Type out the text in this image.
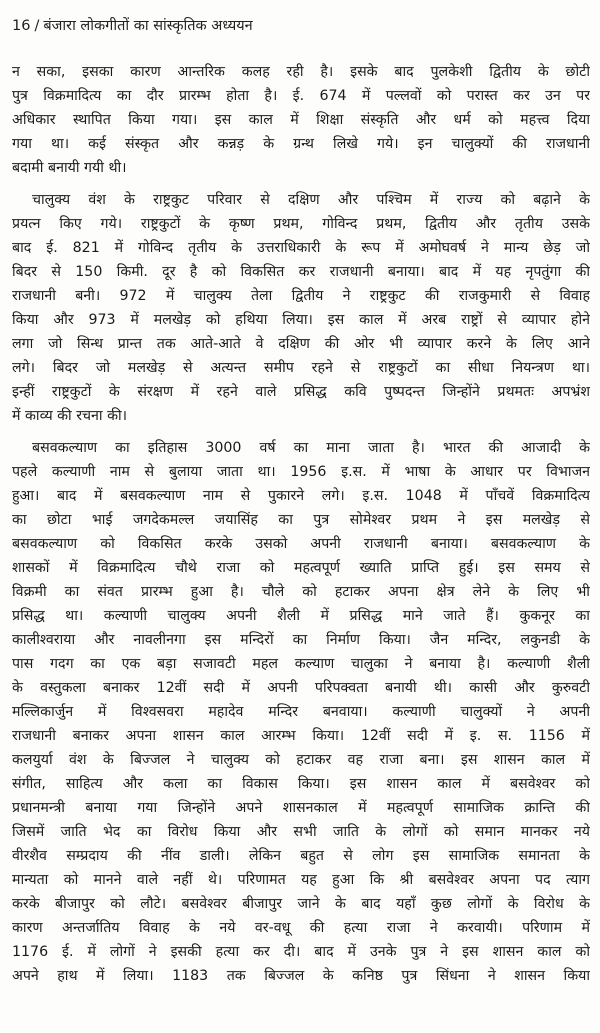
16 / बंजारा लोकगीतों का सांस्कृतिक अध्ययन
न सका, इसका कारण आन्तरिक कलह रही है। इसके बाद पुलकेशी द्वितीय के छोटी
पुत्र विक्रमादित्य का दौर प्रारम्भ होता है। ई. 674 में पल्लवों को परास्त कर उन पर
अधिकार स्थापित किया गया। इस काल में शिक्षा संस्कृति और धर्म को महत्त्व दिया
गया था। कई संस्कृत और कन्नड़ के ग्रन्थ लिखे गये। इन चालुक्यों की राजधानी
बदामी बनायी गयी थी।
चालुक्य वंश के राष्ट्रकुट परिवार से दक्षिण और पश्चिम में राज्य को बढ़ाने के
प्रयत्न किए गये। राष्ट्रकुटों के कृष्ण प्रथम, गोविन्द प्रथम, द्वितीय और तृतीय उसके
बाद ई. 821 में गोविन्द तृतीय के उत्तराधिकारी के रूप में अमोघवर्ष ने मान्य छेड़ जो
बिदर से 150 किमी. दूर है को विकसित कर राजधानी बनाया। बाद में यह नृपतुंगा की
राजधानी बनी। 972 में चालुक्य तेला द्वितीय ने राष्ट्रकुट की राजकुमारी से विवाह
किया और 973 में मलखेड़ को हथिया लिया। इस काल में अरब राष्ट्रों से व्यापार होने
लगा जो सिन्ध प्रान्त तक आते-आते वे दक्षिण की ओर भी व्यापार करने के लिए आने
लगे। बिदर जो मलखेड़ से अत्यन्त समीप रहने से राष्ट्रकुटों का सीधा नियन्त्रण था।
इन्हीं राष्ट्रकुटों के संरक्षण में रहने वाले प्रसिद्ध कवि पुष्पदन्त जिन्होंने प्रथमतः अपभ्रंश
में काव्य की रचना की।
बसवकल्याण का इतिहास 3000 वर्ष का माना जाता है। भारत की आजादी के
पहले कल्याणी नाम से बुलाया जाता था। 1956 इ.स. में भाषा के आधार पर विभाजन
हुआ। बाद में बसवकल्याण नाम से पुकारने लगे। इ.स. 1048 में पाँचवें विक्रमादित्य
का छोटा भाई जगदेकमल्ल जयासिंह का पुत्र सोमेश्वर प्रथम ने इस मलखेड़ से
बसवकल्याण को विकसित करके उसको अपनी राजधानी बनाया। बसवकल्याण के
शासकों में विक्रमादित्य चौथे राजा को महत्वपूर्ण ख्याति प्राप्ति हुई। इस समय से
विक्रमी का संवत प्रारम्भ हुआ है। चौले को हटाकर अपना क्षेत्र लेने के लिए भी
प्रसिद्ध था। कल्याणी चालुक्य अपनी शैली में प्रसिद्ध माने जाते हैं। कुकनूर का
कालीश्वराया और नावलीनगा इस मन्दिरों का निर्माण किया। जैन मन्दिर, लकुनडी के
पास गदग का एक बड़ा सजावटी महल कल्याण चालुका ने बनाया है। कल्याणी शैली
के वस्तुकला बनाकर 12वीं सदी में अपनी परिपक्वता बनायी थी। कासी और कुरुवटी
मल्लिकार्जुन में विश्वसवरा महादेव मन्दिर बनवाया। कल्याणी चालुक्यों ने अपनी
राजधानी बनाकर अपना शासन काल आरम्भ किया। 12वीं सदी में इ. स. 1156 में
कलयुर्या वंश के बिज्जल ने चालुक्य को हटाकर वह राजा बना। इस शासन काल में
संगीत, साहित्य और कला का विकास किया। इस शासन काल में बसवेश्वर को
प्रधानमन्त्री बनाया गया जिन्होंने अपने शासनकाल में महत्वपूर्ण सामाजिक क्रान्ति की
जिसमें जाति भेद का विरोध किया और सभी जाति के लोगों को समान मानकर नये
वीरशैव सम्प्रदाय की नींव डाली। लेकिन बहुत से लोग इस सामाजिक समानता के
मान्यता को मानने वाले नहीं थे। परिणामत यह हुआ कि श्री बसवेश्वर अपना पद त्याग
करके बीजापुर को लौटे। बसवेश्वर बीजापुर जाने के बाद यहाँ कुछ लोगों के विरोध के
कारण अन्तर्जातिय विवाह के नये वर-वधू की हत्या राजा ने करवायी। परिणाम में
1176 ई. में लोगों ने इसकी हत्या कर दी। बाद में उनके पुत्र ने इस शासन काल को
अपने हाथ में लिया। 1183 तक बिज्जल के कनिष्ठ पुत्र सिंधना ने शासन किया
